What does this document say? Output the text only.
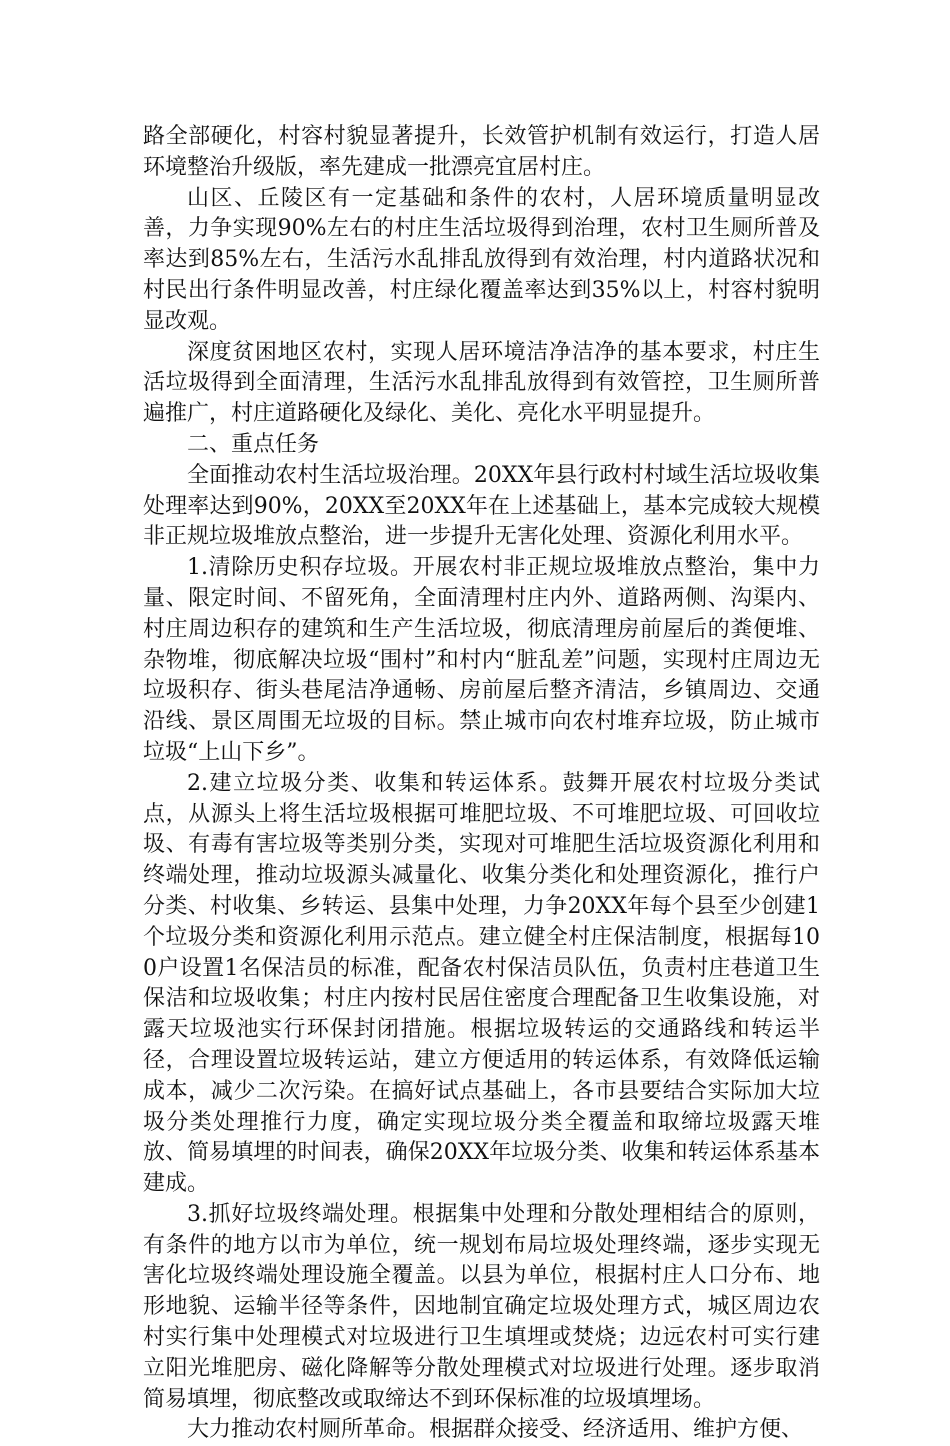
路全部硬化，村容村貌显著提升，长效管护机制有效运行，打造人居环境整治升级版，率先建成一批漂亮宜居村庄。

山区、丘陵区有一定基础和条件的农村，人居环境质量明显改善，力争实现90%左右的村庄生活垃圾得到治理，农村卫生厕所普及率达到85%左右，生活污水乱排乱放得到有效治理，村内道路状况和村民出行条件明显改善，村庄绿化覆盖率达到35%以上，村容村貌明显改观。

深度贫困地区农村，实现人居环境洁净洁净的基本要求，村庄生活垃圾得到全面清理，生活污水乱排乱放得到有效管控，卫生厕所普遍推广，村庄道路硬化及绿化、美化、亮化水平明显提升。

二、重点任务

全面推动农村生活垃圾治理。20XX年县行政村村域生活垃圾收集处理率达到90%，20XX至20XX年在上述基础上，基本完成较大规模非正规垃圾堆放点整治，进一步提升无害化处理、资源化利用水平。

1.清除历史积存垃圾。开展农村非正规垃圾堆放点整治，集中力量、限定时间、不留死角，全面清理村庄内外、道路两侧、沟渠内、村庄周边积存的建筑和生产生活垃圾，彻底清理房前屋后的粪便堆、杂物堆，彻底解决垃圾“围村”和村内“脏乱差”问题，实现村庄周边无垃圾积存、街头巷尾洁净通畅、房前屋后整齐清洁，乡镇周边、交通沿线、景区周围无垃圾的目标。禁止城市向农村堆弃垃圾，防止城市垃圾“上山下乡”。

2.建立垃圾分类、收集和转运体系。鼓舞开展农村垃圾分类试点，从源头上将生活垃圾根据可堆肥垃圾、不可堆肥垃圾、可回收垃圾、有毒有害垃圾等类别分类，实现对可堆肥生活垃圾资源化利用和终端处理，推动垃圾源头减量化、收集分类化和处理资源化，推行户分类、村收集、乡转运、县集中处理，力争20XX年每个县至少创建1个垃圾分类和资源化利用示范点。建立健全村庄保洁制度，根据每100户设置1名保洁员的标准，配备农村保洁员队伍，负责村庄巷道卫生保洁和垃圾收集；村庄内按村民居住密度合理配备卫生收集设施，对露天垃圾池实行环保封闭措施。根据垃圾转运的交通路线和转运半径，合理设置垃圾转运站，建立方便适用的转运体系，有效降低运输成本，减少二次污染。在搞好试点基础上，各市县要结合实际加大垃圾分类处理推行力度，确定实现垃圾分类全覆盖和取缔垃圾露天堆放、简易填埋的时间表，确保20XX年垃圾分类、收集和转运体系基本建成。

3.抓好垃圾终端处理。根据集中处理和分散处理相结合的原则，有条件的地方以市为单位，统一规划布局垃圾处理终端，逐步实现无害化垃圾终端处理设施全覆盖。以县为单位，根据村庄人口分布、地形地貌、运输半径等条件，因地制宜确定垃圾处理方式，城区周边农村实行集中处理模式对垃圾进行卫生填埋或焚烧；边远农村可实行建立阳光堆肥房、磁化降解等分散处理模式对垃圾进行处理。逐步取消简易填埋，彻底整改或取缔达不到环保标准的垃圾填埋场。

大力推动农村厕所革命。根据群众接受、经济适用、维护方便、
